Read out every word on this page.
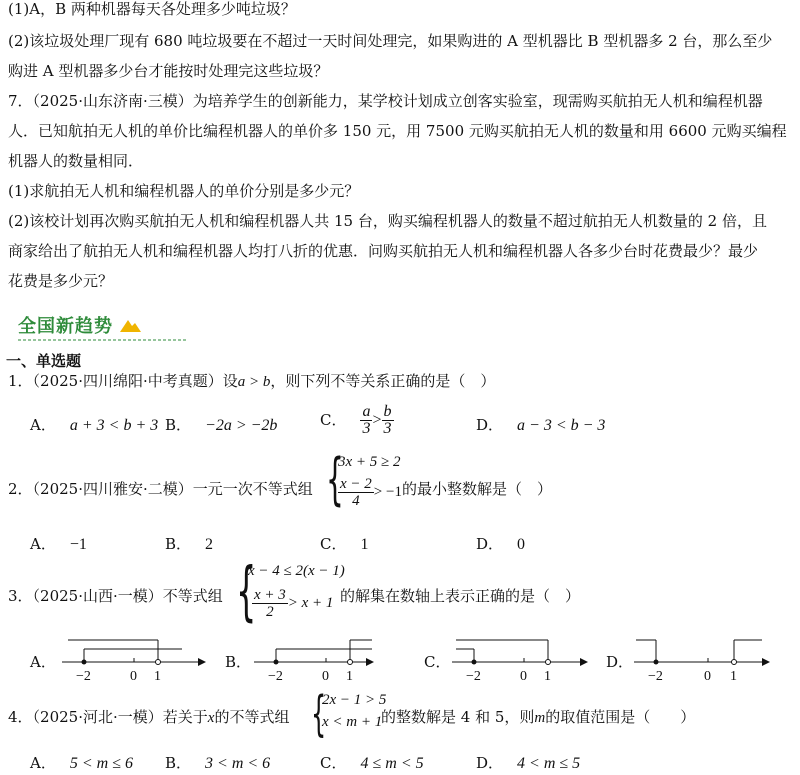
(1)A，B 两种机器每天各处理多少吨垃圾？
(2)该垃圾处理厂现有 680 吨垃圾要在不超过一天时间处理完，如果购进的 A 型机器比 B 型机器多 2 台，那么至少
购进 A 型机器多少台才能按时处理完这些垃圾？
7．（2025·山东济南·三模）为培养学生的创新能力，某学校计划成立创客实验室，现需购买航拍无人机和编程机器
人．已知航拍无人机的单价比编程机器人的单价多 150 元，用 7500 元购买航拍无人机的数量和用 6600 元购买编程
机器人的数量相同．
(1)求航拍无人机和编程机器人的单价分别是多少元？
(2)该校计划再次购买航拍无人机和编程机器人共 15 台，购买编程机器人的数量不超过航拍无人机数量的 2 倍，且
商家给出了航拍无人机和编程机器人均打八折的优惠．问购买航拍无人机和编程机器人各多少台时花费最少？最少
花费是多少元？
全国新趋势
一、单选题
1．（2025·四川绵阳·中考真题）设a > b，则下列不等关系正确的是（　）
A． a + 3 < b + 3 B． −2a > −2b	C． $\frac{a}{3} > \frac{b}{3}$	D． a − 3 < b − 3
2．（2025·四川雅安·二模）一元一次不等式组 {
3x + 5 ≥ 2
$\frac{x - 2}{4} > -1$ 的最小整数解是（　）
A． −1	B． 2	C． 1	D． 0
3．（2025·山西·一模）不等式组 {
x − 4 ≤ 2(x − 1)
$\frac{x + 3}{2} > x + 1$ 的解集在数轴上表示正确的是（　）
A．	B．	C．	D．
−2	0 1	−2	0 1	−2	0 1	−2	0 1
4．（2025·河北·一模）若关于x的不等式组 {
2x − 1 > 5
x < m + 1
的整数解是 4 和 5，则m的取值范围是（　　）
A． 5 < m ≤ 6 B． 3 < m < 6	C． 4 ≤ m < 5	D． 4 < m ≤ 5
